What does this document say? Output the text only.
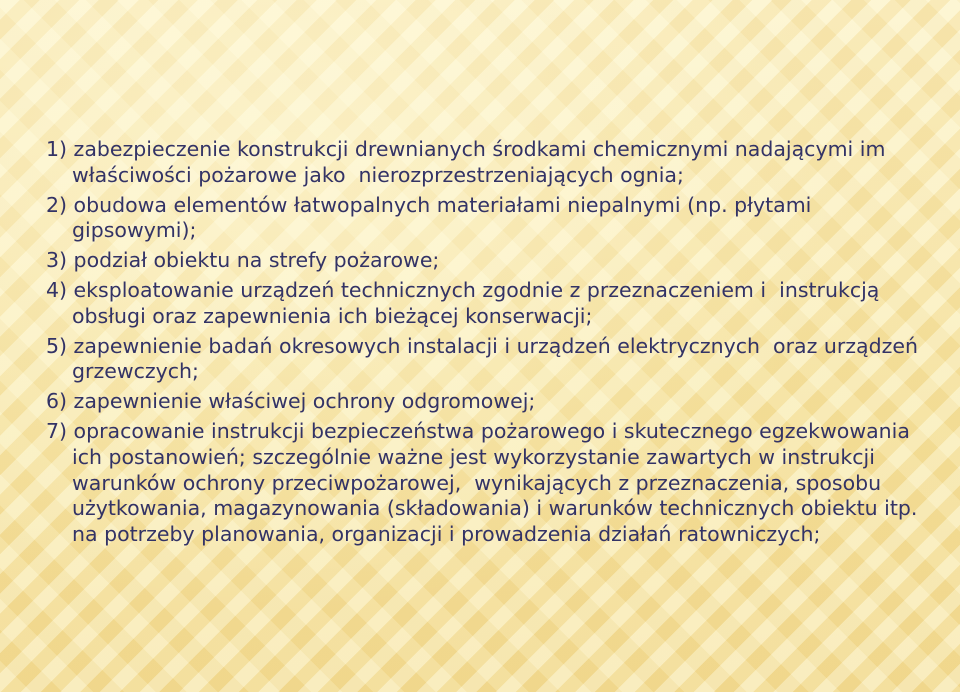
1) zabezpieczenie konstrukcji drewnianych środkami chemicznymi nadającymi im właściwości pożarowe jako  nierozprzestrzeniających ognia;

2) obudowa elementów łatwopalnych materiałami niepalnymi (np. płytami gipsowymi);

3) podział obiektu na strefy pożarowe;

4) eksploatowanie urządzeń technicznych zgodnie z przeznaczeniem i  instrukcją obsługi oraz zapewnienia ich bieżącej konserwacji;

5) zapewnienie badań okresowych instalacji i urządzeń elektrycznych  oraz urządzeń grzewczych;

6) zapewnienie właściwej ochrony odgromowej;

7) opracowanie instrukcji bezpieczeństwa pożarowego i skutecznego egzekwowania ich postanowień; szczególnie ważne jest wykorzystanie zawartych w instrukcji warunków ochrony przeciwpożarowej,  wynikających z przeznaczenia, sposobu użytkowania, magazynowania (składowania) i warunków technicznych obiektu itp. na potrzeby planowania, organizacji i prowadzenia działań ratowniczych;
